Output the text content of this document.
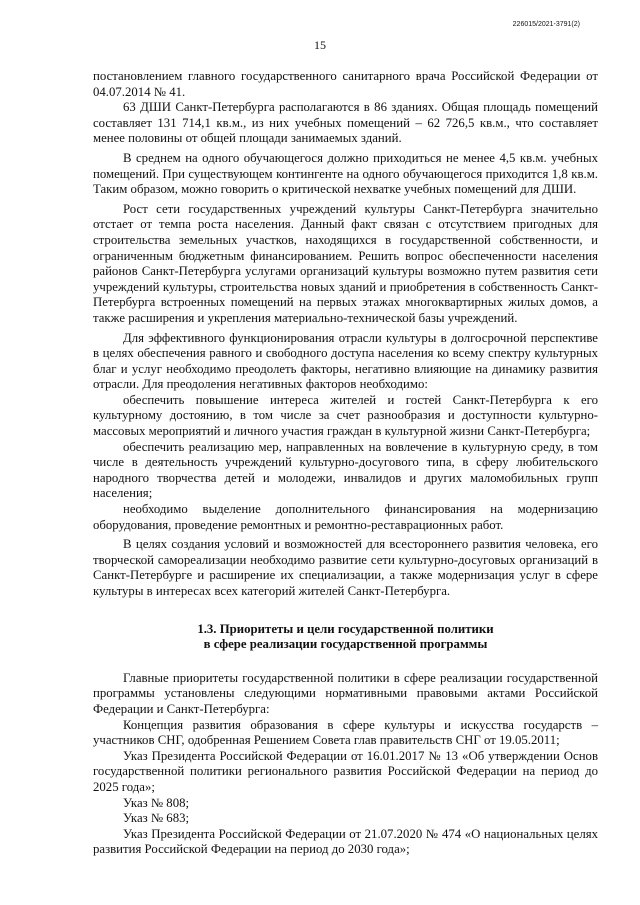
226015/2021-3791(2)
15

постановлением главного государственного санитарного врача Российской Федерации от 04.07.2014 № 41.

63 ДШИ Санкт-Петербурга располагаются в 86 зданиях. Общая площадь помещений составляет 131 714,1 кв.м., из них учебных помещений – 62 726,5 кв.м., что составляет менее половины от общей площади занимаемых зданий.

В среднем на одного обучающегося должно приходиться не менее 4,5 кв.м. учебных помещений. При существующем контингенте на одного обучающегося приходится 1,8 кв.м. Таким образом, можно говорить о критической нехватке учебных помещений для ДШИ.

Рост сети государственных учреждений культуры Санкт-Петербурга значительно отстает от темпа роста населения. Данный факт связан с отсутствием пригодных для строительства земельных участков, находящихся в государственной собственности, и ограниченным бюджетным финансированием. Решить вопрос обеспеченности населения районов Санкт-Петербурга услугами организаций культуры возможно путем развития сети учреждений культуры, строительства новых зданий и приобретения в собственность Санкт-Петербурга встроенных помещений на первых этажах многоквартирных жилых домов, а также расширения и укрепления материально-технической базы учреждений.

Для эффективного функционирования отрасли культуры в долгосрочной перспективе в целях обеспечения равного и свободного доступа населения ко всему спектру культурных благ и услуг необходимо преодолеть факторы, негативно влияющие на динамику развития отрасли. Для преодоления негативных факторов необходимо:

обеспечить повышение интереса жителей и гостей Санкт-Петербурга к его культурному достоянию, в том числе за счет разнообразия и доступности культурно-массовых мероприятий и личного участия граждан в культурной жизни Санкт-Петербурга;

обеспечить реализацию мер, направленных на вовлечение в культурную среду, в том числе в деятельность учреждений культурно-досугового типа, в сферу любительского народного творчества детей и молодежи, инвалидов и других маломобильных групп населения;

необходимо выделение дополнительного финансирования на модернизацию оборудования, проведение ремонтных и ремонтно-реставрационных работ.

В целях создания условий и возможностей для всестороннего развития человека, его творческой самореализации необходимо развитие сети культурно-досуговых организаций в Санкт-Петербурге и расширение их специализации, а также модернизация услуг в сфере культуры в интересах всех категорий жителей Санкт-Петербурга.

1.3. Приоритеты и цели государственной политики
в сфере реализации государственной программы

Главные приоритеты государственной политики в сфере реализации государственной программы установлены следующими нормативными правовыми актами Российской Федерации и Санкт-Петербурга:

Концепция развития образования в сфере культуры и искусства государств – участников СНГ, одобренная Решением Совета глав правительств СНГ от 19.05.2011;

Указ Президента Российской Федерации от 16.01.2017 № 13 «Об утверждении Основ государственной политики регионального развития Российской Федерации на период до 2025 года»;

Указ № 808;

Указ № 683;

Указ Президента Российской Федерации от 21.07.2020 № 474 «О национальных целях развития Российской Федерации на период до 2030 года»;
